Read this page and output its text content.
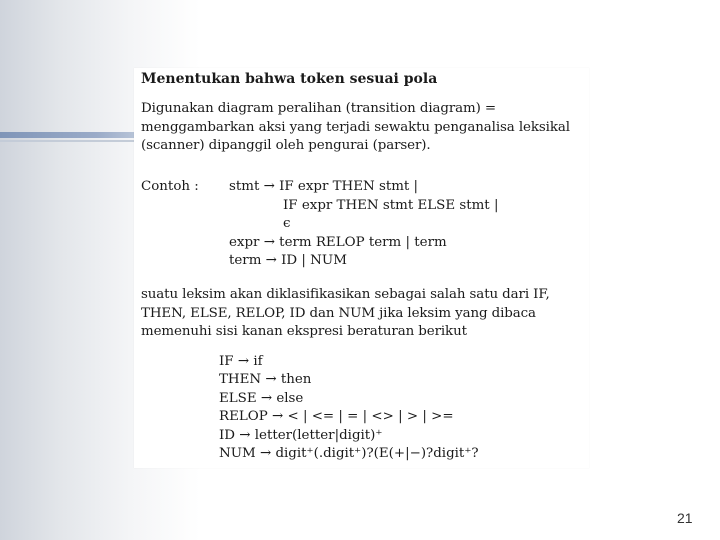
Menentukan bahwa token sesuai pola

Digunakan diagram peralihan (transition diagram) = menggambarkan aksi yang terjadi sewaktu penganalisa leksikal (scanner) dipanggil oleh pengurai (parser).

Contoh : stmt → IF expr THEN stmt |
IF expr THEN stmt ELSE stmt |
ϵ
expr → term RELOP term | term
term → ID | NUM

suatu leksim akan diklasifikasikan sebagai salah satu dari IF, THEN, ELSE, RELOP, ID dan NUM jika leksim yang dibaca memenuhi sisi kanan ekspresi beraturan berikut

IF → if
THEN → then
ELSE → else
RELOP → < | <= | = | <> | > | >=
ID → letter(letter|digit)⁺
NUM → digit⁺(.digit⁺)?(E(+|−)?digit⁺?
21
